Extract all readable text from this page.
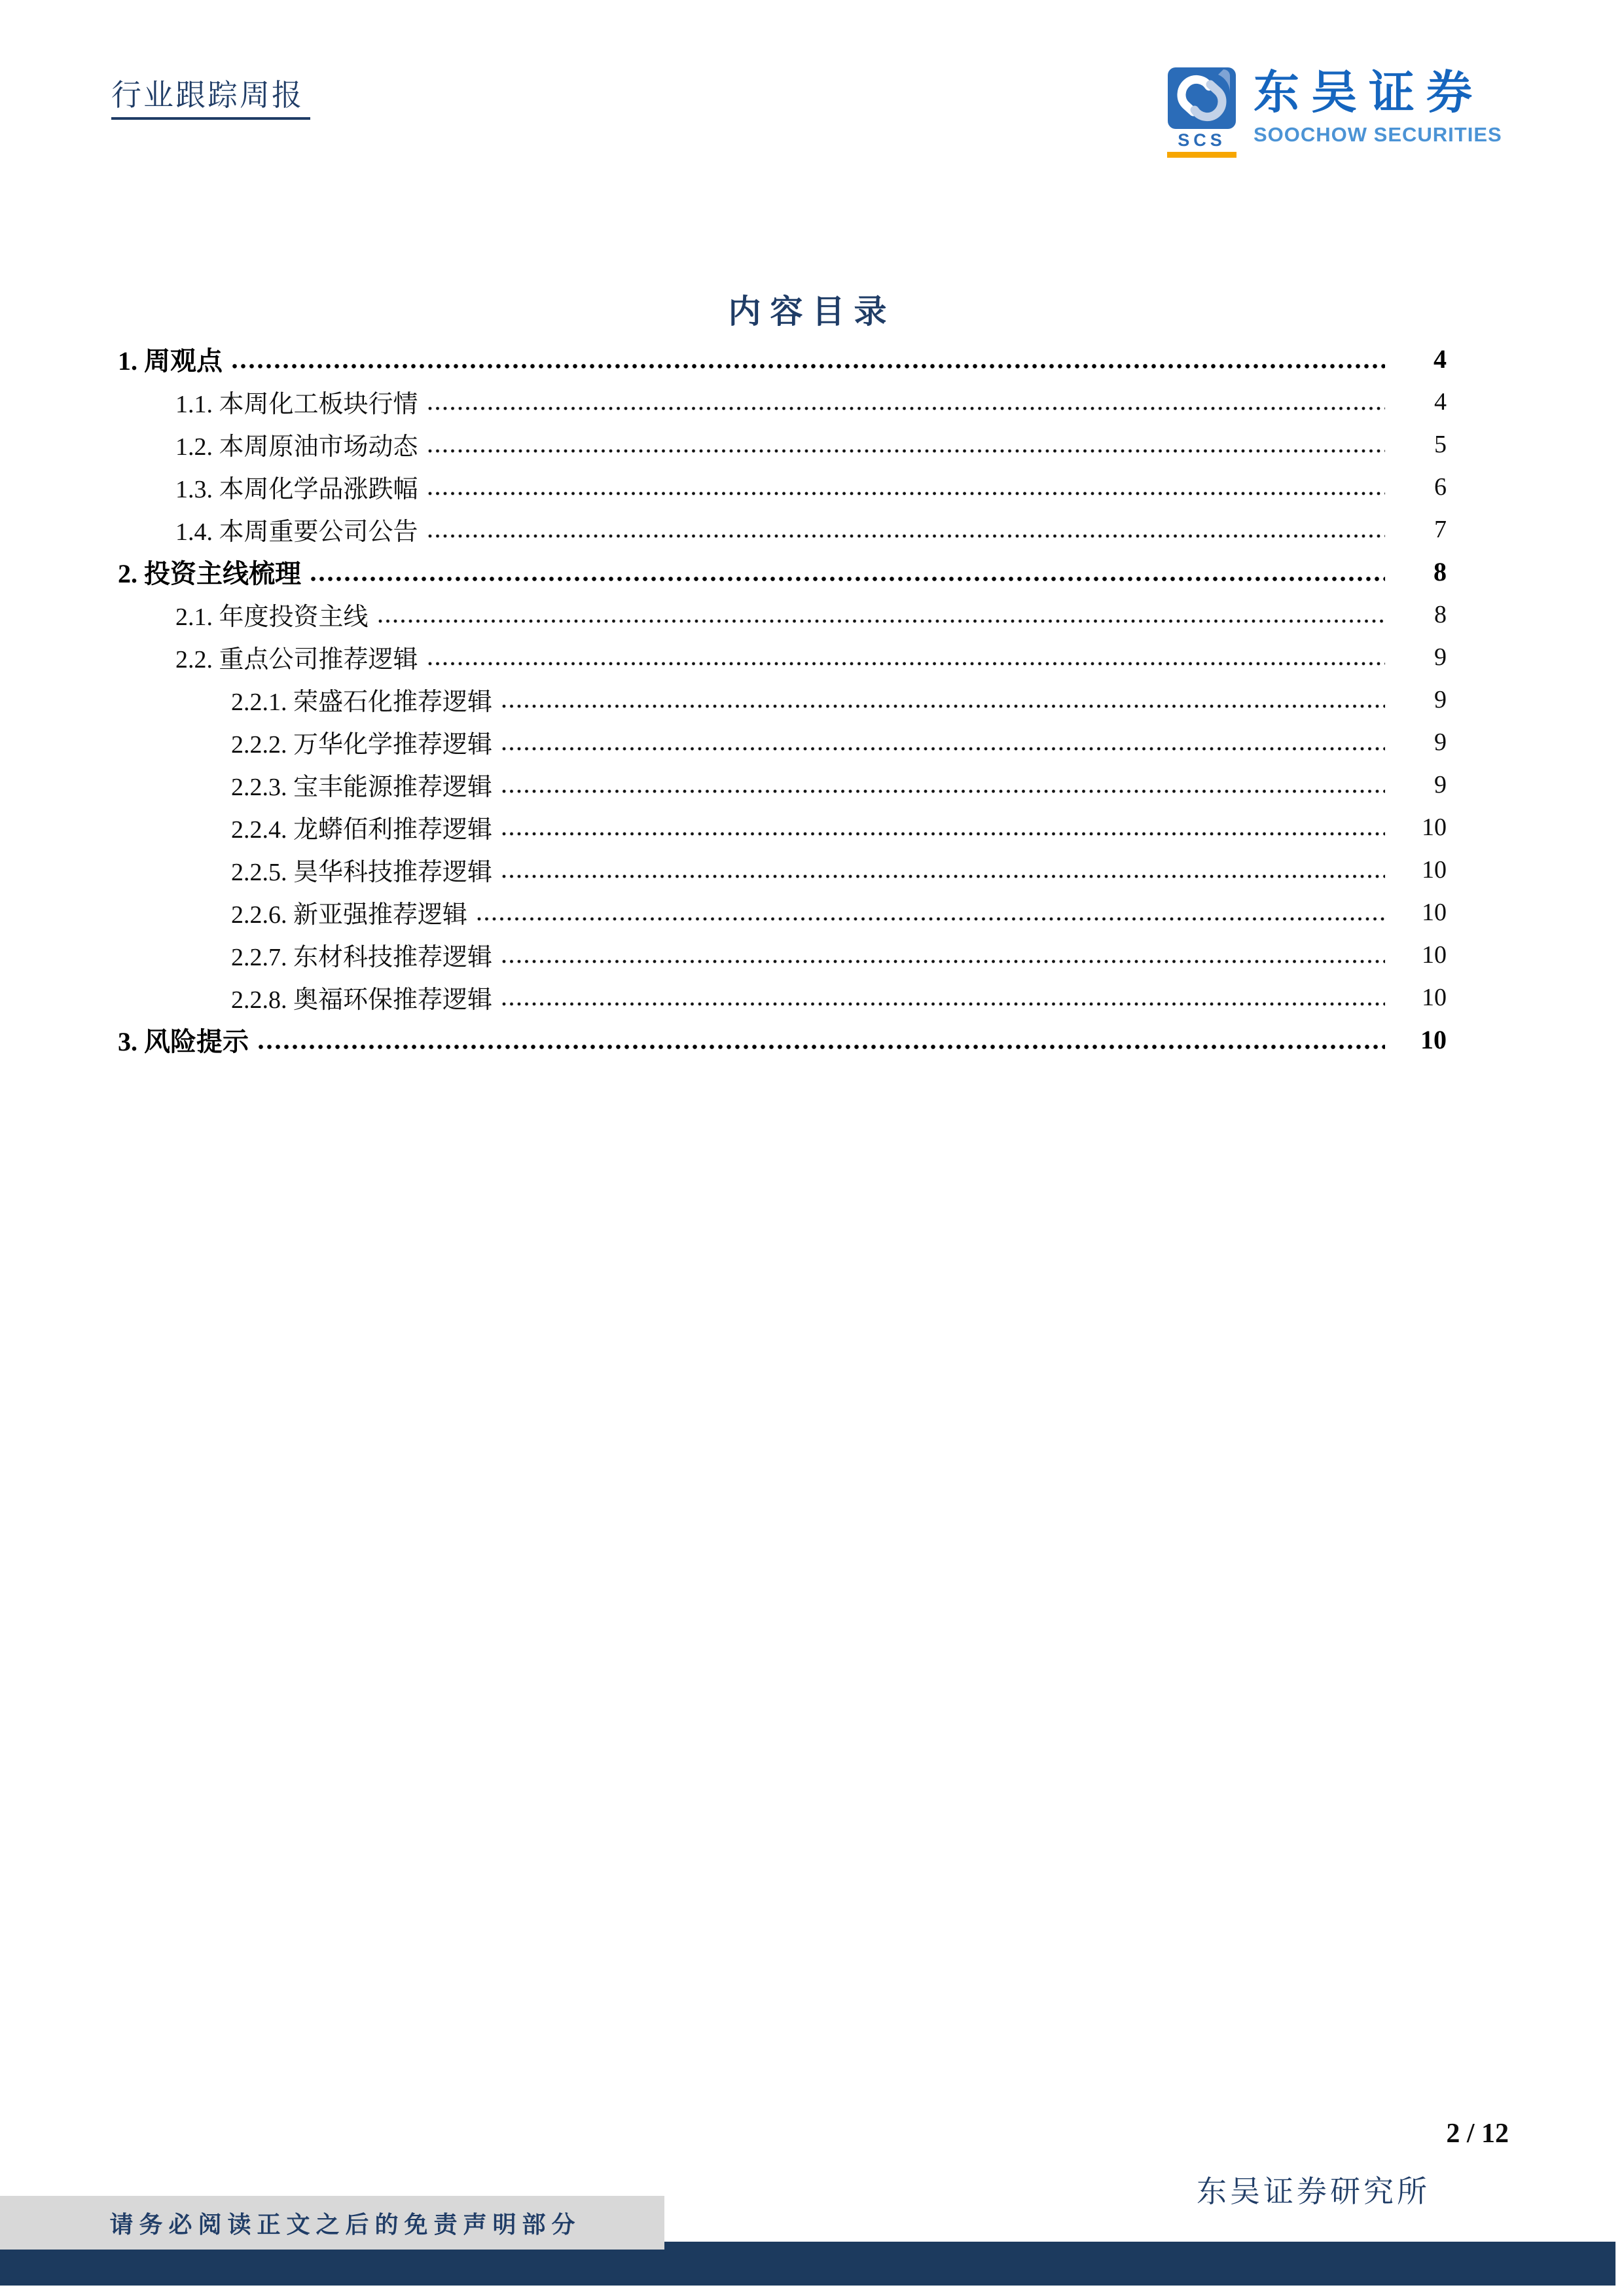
行业跟踪周报
SCS
东吴证券
SOOCHOW SECURITIES
内容目录
1. 周观点	4
1.1. 本周化工板块行情	4
1.2. 本周原油市场动态	5
1.3. 本周化学品涨跌幅	6
1.4. 本周重要公司公告	7
2. 投资主线梳理	8
2.1. 年度投资主线	8
2.2. 重点公司推荐逻辑	9
2.2.1. 荣盛石化推荐逻辑	9
2.2.2. 万华化学推荐逻辑	9
2.2.3. 宝丰能源推荐逻辑	9
2.2.4. 龙蟒佰利推荐逻辑	10
2.2.5. 昊华科技推荐逻辑	10
2.2.6. 新亚强推荐逻辑	10
2.2.7. 东材科技推荐逻辑	10
2.2.8. 奥福环保推荐逻辑	10
3. 风险提示	10
2 / 12
东吴证券研究所
请务必阅读正文之后的免责声明部分
